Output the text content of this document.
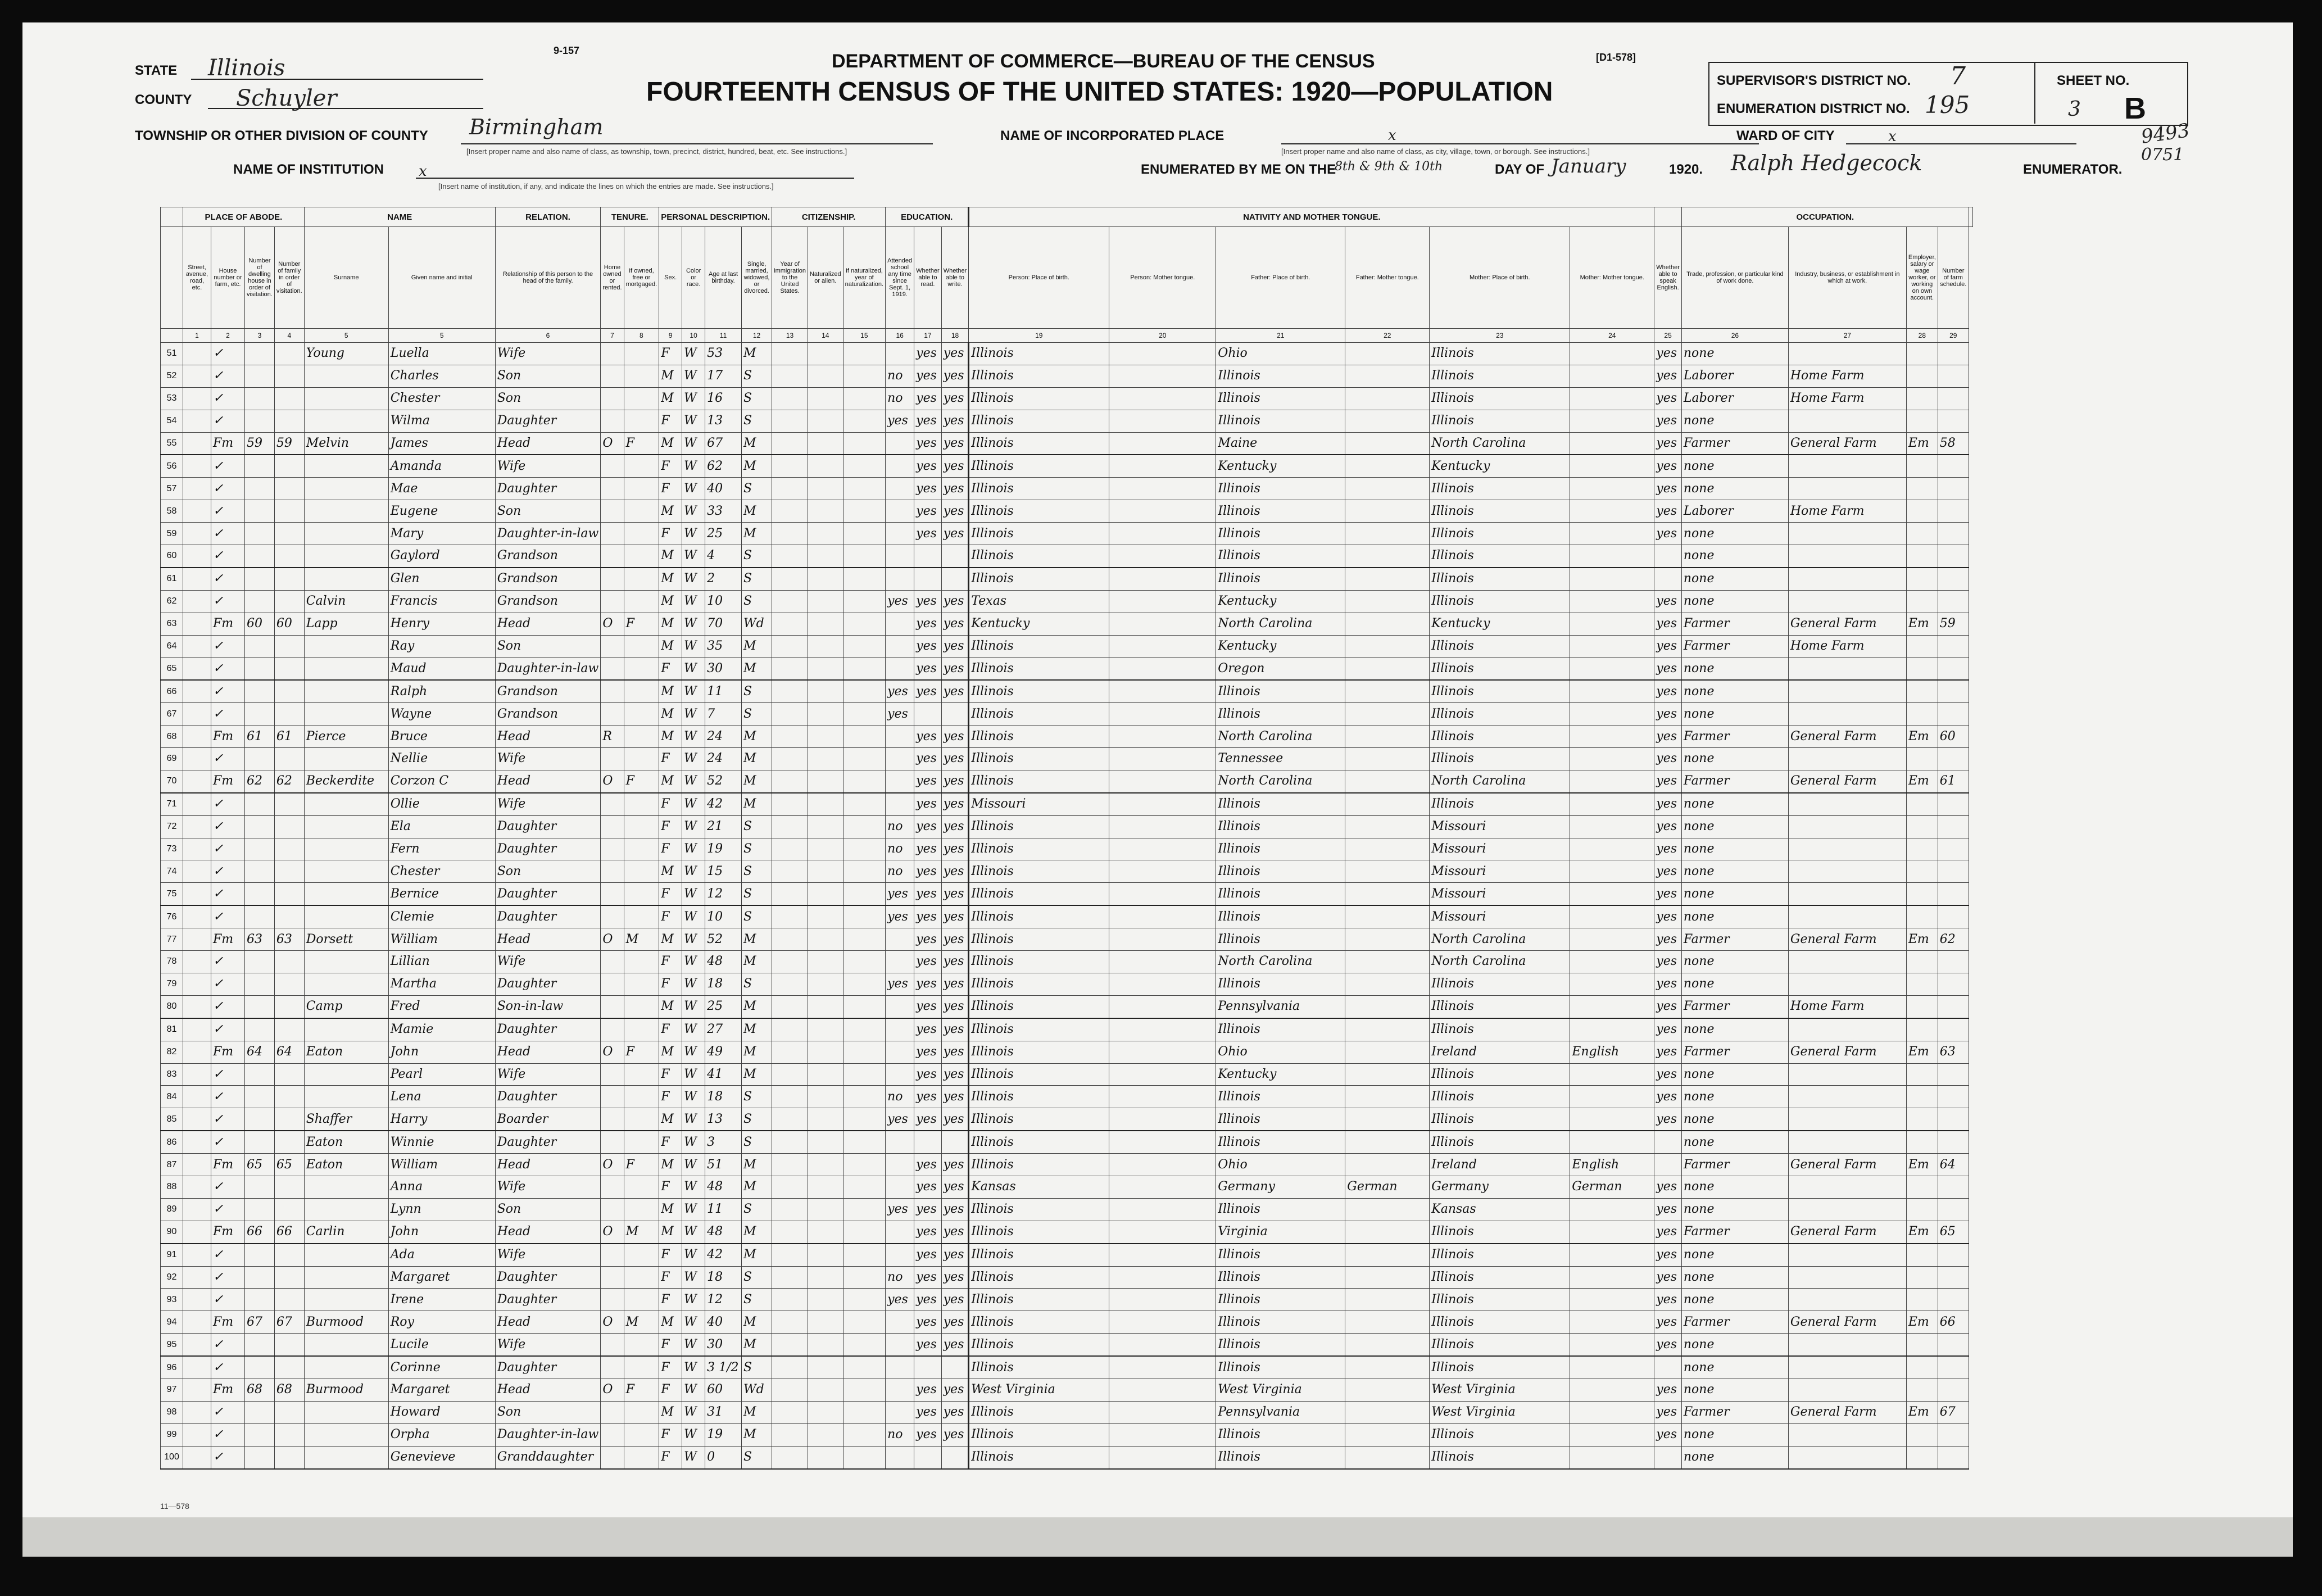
9-157
[D1-578]
DEPARTMENT OF COMMERCE—BUREAU OF THE CENSUS
FOURTEENTH CENSUS OF THE UNITED STATES: 1920—POPULATION
STATE Illinois
COUNTY Schuyler
TOWNSHIP OR OTHER DIVISION OF COUNTY Birmingham
[Insert proper name and also name of class, as township, town, precinct, district, hundred, beat, etc. See instructions.]
NAME OF INSTITUTION x
[Insert name of institution, if any, and indicate the lines on which the entries are made. See instructions.]
NAME OF INCORPORATED PLACE	x
[Insert proper name and also name of class, as city, village, town, or borough. See instructions.]
WARD OF CITY	x
ENUMERATED BY ME ON THE
8th & 9th & 10th	DAY OF January	1920. Ralph Hedgecock	ENUMERATOR.
SUPERVISOR'S DISTRICT NO. 7
ENUMERATION DISTRICT NO. 195
SHEET NO.
3 B
9493
0751
	PLACE OF ABODE.				NAME		RELATION.	TENURE.		PERSONAL DESCRIPTION.				CITIZENSHIP.			EDUCATION.			NATIVITY AND MOTHER TONGUE.							OCCUPATION.				
	Street, avenue, road, etc.	House number or farm, etc.	Number of dwelling house in order of visitation.	Number of family in order of visitation.	Surname	Given name and initial	Relationship of this person to the head of the family.	Home owned or rented.	If owned, free or mortgaged.	Sex.	Color or race.	Age at last birthday.	Single, married, widowed, or divorced.	Year of immigration to the United States.	Naturalized or alien.	If naturalized, year of naturalization.	Attended school any time since Sept. 1, 1919.	Whether able to read.	Whether able to write.	Person: Place of birth.	Person: Mother tongue.	Father: Place of birth.	Father: Mother tongue.	Mother: Place of birth.	Mother: Mother tongue.	Whether able to speak English.	Trade, profession, or particular kind of work done.	Industry, business, or establishment in which at work.	Employer, salary or wage worker, or working on own account.	Number of farm schedule.	
	1	2	3	4	5	5	6	7	8	9	10	11	12	13	14	15	16	17	18	19	20	21	22	23	24	25	26	27	28	29	
51		✓			Young	Luella	Wife			F	W	53	M					yes	yes	Illinois		Ohio		Illinois		yes	none				
52		✓				Charles	Son			M	W	17	S				no	yes	yes	Illinois		Illinois		Illinois		yes	Laborer	Home Farm			
53		✓				Chester	Son			M	W	16	S				no	yes	yes	Illinois		Illinois		Illinois		yes	Laborer	Home Farm			
54		✓				Wilma	Daughter			F	W	13	S				yes	yes	yes	Illinois		Illinois		Illinois		yes	none				
55		Fm	59	59	Melvin	James	Head	O	F	M	W	67	M					yes	yes	Illinois		Maine		North Carolina		yes	Farmer	General Farm	Em	58	
56		✓				Amanda	Wife			F	W	62	M					yes	yes	Illinois		Kentucky		Kentucky		yes	none				
57		✓				Mae	Daughter			F	W	40	S					yes	yes	Illinois		Illinois		Illinois		yes	none				
58		✓				Eugene	Son			M	W	33	M					yes	yes	Illinois		Illinois		Illinois		yes	Laborer	Home Farm			
59		✓				Mary	Daughter-in-law			F	W	25	M					yes	yes	Illinois		Illinois		Illinois		yes	none				
60		✓				Gaylord	Grandson			M	W	4	S							Illinois		Illinois		Illinois			none				
61		✓				Glen	Grandson			M	W	2	S							Illinois		Illinois		Illinois			none				
62		✓			Calvin	Francis	Grandson			M	W	10	S				yes	yes	yes	Texas		Kentucky		Illinois		yes	none				
63		Fm	60	60	Lapp	Henry	Head	O	F	M	W	70	Wd					yes	yes	Kentucky		North Carolina		Kentucky		yes	Farmer	General Farm	Em	59	
64		✓				Ray	Son			M	W	35	M					yes	yes	Illinois		Kentucky		Illinois		yes	Farmer	Home Farm			
65		✓				Maud	Daughter-in-law			F	W	30	M					yes	yes	Illinois		Oregon		Illinois		yes	none				
66		✓				Ralph	Grandson			M	W	11	S				yes	yes	yes	Illinois		Illinois		Illinois		yes	none				
67		✓				Wayne	Grandson			M	W	7	S				yes			Illinois		Illinois		Illinois		yes	none				
68		Fm	61	61	Pierce	Bruce	Head	R		M	W	24	M					yes	yes	Illinois		North Carolina		Illinois		yes	Farmer	General Farm	Em	60	
69		✓				Nellie	Wife			F	W	24	M					yes	yes	Illinois		Tennessee		Illinois		yes	none				
70		Fm	62	62	Beckerdite	Corzon C	Head	O	F	M	W	52	M					yes	yes	Illinois		North Carolina		North Carolina		yes	Farmer	General Farm	Em	61	
71		✓				Ollie	Wife			F	W	42	M					yes	yes	Missouri		Illinois		Illinois		yes	none				
72		✓				Ela	Daughter			F	W	21	S				no	yes	yes	Illinois		Illinois		Missouri		yes	none				
73		✓				Fern	Daughter			F	W	19	S				no	yes	yes	Illinois		Illinois		Missouri		yes	none				
74		✓				Chester	Son			M	W	15	S				no	yes	yes	Illinois		Illinois		Missouri		yes	none				
75		✓				Bernice	Daughter			F	W	12	S				yes	yes	yes	Illinois		Illinois		Missouri		yes	none				
76		✓				Clemie	Daughter			F	W	10	S				yes	yes	yes	Illinois		Illinois		Missouri		yes	none				
77		Fm	63	63	Dorsett	William	Head	O	M	M	W	52	M					yes	yes	Illinois		Illinois		North Carolina		yes	Farmer	General Farm	Em	62	
78		✓				Lillian	Wife			F	W	48	M					yes	yes	Illinois		North Carolina		North Carolina		yes	none				
79		✓				Martha	Daughter			F	W	18	S				yes	yes	yes	Illinois		Illinois		Illinois		yes	none				
80		✓			Camp	Fred	Son-in-law			M	W	25	M					yes	yes	Illinois		Pennsylvania		Illinois		yes	Farmer	Home Farm			
81		✓				Mamie	Daughter			F	W	27	M					yes	yes	Illinois		Illinois		Illinois		yes	none				
82		Fm	64	64	Eaton	John	Head	O	F	M	W	49	M					yes	yes	Illinois		Ohio		Ireland	English	yes	Farmer	General Farm	Em	63	
83		✓				Pearl	Wife			F	W	41	M					yes	yes	Illinois		Kentucky		Illinois		yes	none				
84		✓				Lena	Daughter			F	W	18	S				no	yes	yes	Illinois		Illinois		Illinois		yes	none				
85		✓			Shaffer	Harry	Boarder			M	W	13	S				yes	yes	yes	Illinois		Illinois		Illinois		yes	none				
86		✓			Eaton	Winnie	Daughter			F	W	3	S							Illinois		Illinois		Illinois			none				
87		Fm	65	65	Eaton	William	Head	O	F	M	W	51	M					yes	yes	Illinois		Ohio		Ireland	English		Farmer	General Farm	Em	64	
88		✓				Anna	Wife			F	W	48	M					yes	yes	Kansas		Germany	German	Germany	German	yes	none				
89		✓				Lynn	Son			M	W	11	S				yes	yes	yes	Illinois		Illinois		Kansas		yes	none				
90		Fm	66	66	Carlin	John	Head	O	M	M	W	48	M					yes	yes	Illinois		Virginia		Illinois		yes	Farmer	General Farm	Em	65	
91		✓				Ada	Wife			F	W	42	M					yes	yes	Illinois		Illinois		Illinois		yes	none				
92		✓				Margaret	Daughter			F	W	18	S				no	yes	yes	Illinois		Illinois		Illinois		yes	none				
93		✓				Irene	Daughter			F	W	12	S				yes	yes	yes	Illinois		Illinois		Illinois		yes	none				
94		Fm	67	67	Burmood	Roy	Head	O	M	M	W	40	M					yes	yes	Illinois		Illinois		Illinois		yes	Farmer	General Farm	Em	66	
95		✓				Lucile	Wife			F	W	30	M					yes	yes	Illinois		Illinois		Illinois		yes	none				
96		✓				Corinne	Daughter			F	W	3 1/2	S							Illinois		Illinois		Illinois			none				
97		Fm	68	68	Burmood	Margaret	Head	O	F	F	W	60	Wd					yes	yes	West Virginia		West Virginia		West Virginia		yes	none				
98		✓				Howard	Son			M	W	31	M					yes	yes	Illinois		Pennsylvania		West Virginia		yes	Farmer	General Farm	Em	67	
99		✓				Orpha	Daughter-in-law			F	W	19	M				no	yes	yes	Illinois		Illinois		Illinois		yes	none				
100		✓				Genevieve	Granddaughter			F	W	0	S							Illinois		Illinois		Illinois			none				
11—578
